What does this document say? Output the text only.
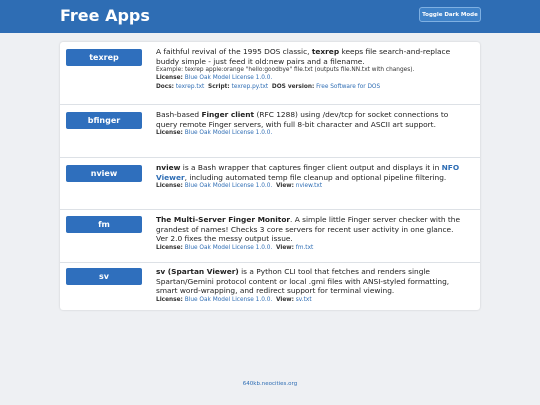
Free Apps	Toggle Dark Mode
texrep
A faithful revival of the 1995 DOS classic, texrep keeps file search-and-replace buddy simple - just feed it old:new pairs and a filename.
Example: texrep apple:orange "hello:goodbye" file.txt (outputs file.NN.txt with changes).
License: Blue Oak Model License 1.0.0.
Docs: texrep.txt Script: texrep.py.txt DOS version: Free Software for DOS
bfinger
Bash-based Finger client (RFC 1288) using /dev/tcp for socket connections to query remote Finger servers, with full 8-bit character and ASCII art support.
License: Blue Oak Model License 1.0.0.
nview
nview is a Bash wrapper that captures finger client output and displays it in NFO Viewer, including automated temp file cleanup and optional pipeline filtering.
License: Blue Oak Model License 1.0.0. View: nview.txt
fm
The Multi-Server Finger Monitor. A simple little Finger server checker with the grandest of names! Checks 3 core servers for recent user activity in one glance. Ver 2.0 fixes the messy output issue.
License: Blue Oak Model License 1.0.0. View: fm.txt
sv
sv (Spartan Viewer) is a Python CLI tool that fetches and renders single Spartan/Gemini protocol content or local .gmi files with ANSI-styled formatting, smart word-wrapping, and redirect support for terminal viewing.
License: Blue Oak Model License 1.0.0. View: sv.txt
640kb.neocities.org
